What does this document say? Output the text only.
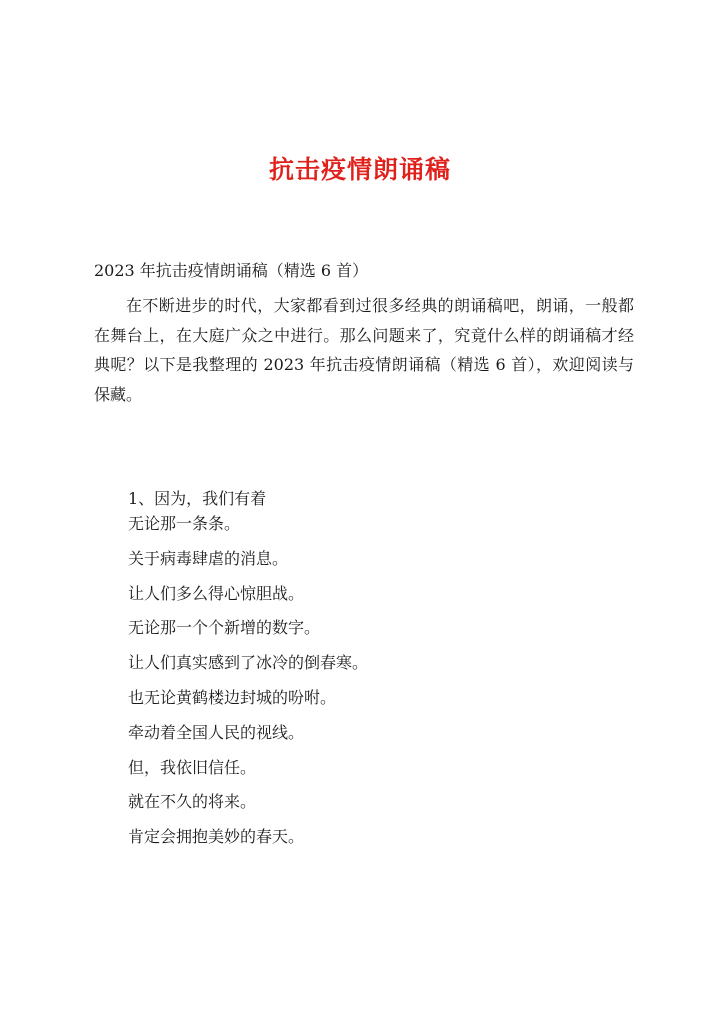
抗击疫情朗诵稿
2023 年抗击疫情朗诵稿（精选 6 首）
在不断进步的时代，大家都看到过很多经典的朗诵稿吧，朗诵，一般都在舞台上，在大庭广众之中进行。那么问题来了，究竟什么样的朗诵稿才经典呢？以下是我整理的 2023 年抗击疫情朗诵稿（精选 6 首），欢迎阅读与保藏。
1、因为，我们有着
无论那一条条。
关于病毒肆虐的消息。
让人们多么得心惊胆战。
无论那一个个新增的数字。
让人们真实感到了冰冷的倒春寒。
也无论黄鹤楼边封城的吩咐。
牵动着全国人民的视线。
但，我依旧信任。
就在不久的将来。
肯定会拥抱美妙的春天。
